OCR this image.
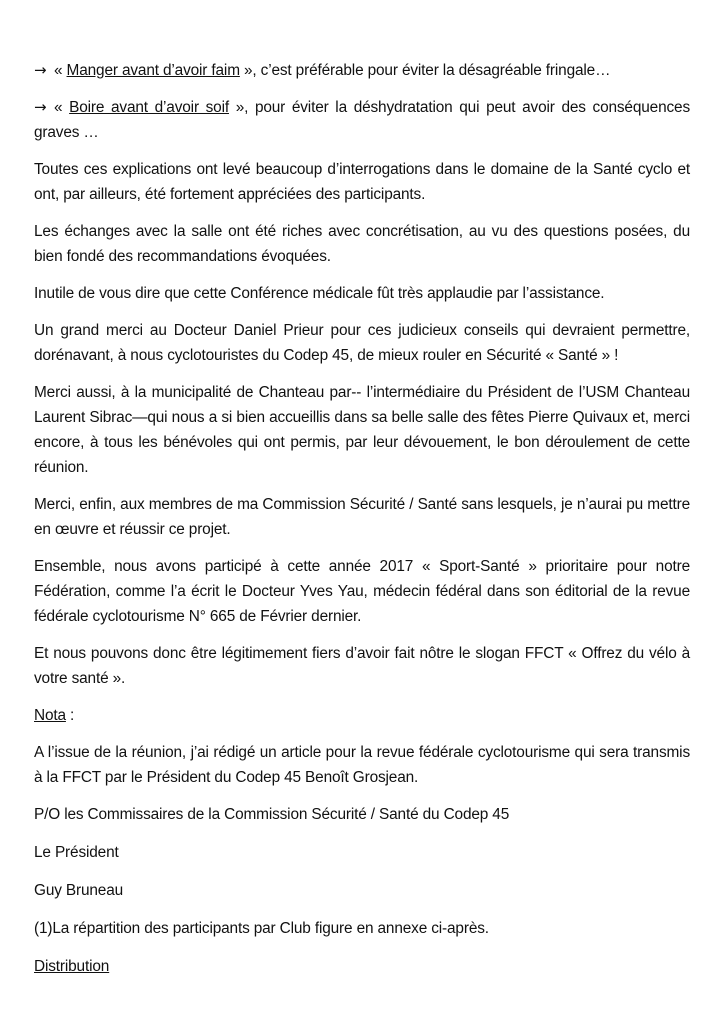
→ « Manger avant d’avoir faim », c’est préférable pour éviter la désagréable fringale…

→ « Boire avant d’avoir soif », pour éviter la déshydratation qui peut avoir des conséquences graves …

Toutes ces explications ont levé beaucoup d’interrogations dans le domaine de la Santé cyclo et ont, par ailleurs, été fortement appréciées des participants.

Les échanges avec la salle ont été riches avec concrétisation, au vu des questions posées, du bien fondé des recommandations évoquées.

Inutile de vous dire que cette Conférence médicale fût très applaudie par l’assistance.

Un grand merci au Docteur Daniel Prieur pour ces judicieux conseils qui devraient permettre, dorénavant, à nous cyclotouristes du Codep 45, de mieux rouler en Sécurité « Santé » !

Merci aussi, à la municipalité de Chanteau par-- l’intermédiaire du Président de l’USM Chanteau Laurent Sibrac—qui nous a si bien accueillis dans sa belle salle des fêtes Pierre Quivaux et, merci encore, à tous les bénévoles qui ont permis, par leur dévouement, le bon déroulement de cette réunion.

Merci, enfin, aux membres de ma Commission Sécurité / Santé sans lesquels, je n’aurai pu mettre en œuvre et réussir ce projet.

Ensemble, nous avons participé à cette année 2017 « Sport-Santé » prioritaire pour notre Fédération, comme l’a écrit le Docteur Yves Yau, médecin fédéral dans son éditorial de la revue fédérale cyclotourisme N° 665 de Février dernier.

Et nous pouvons donc être légitimement fiers d’avoir fait nôtre le slogan FFCT « Offrez du vélo à votre santé ».

Nota :

A l’issue de la réunion, j’ai rédigé un article pour la revue fédérale cyclotourisme qui sera transmis à la FFCT par le Président du Codep 45 Benoît Grosjean.

P/O les Commissaires de la Commission Sécurité / Santé du Codep 45

Le Président

Guy Bruneau

(1)La répartition des participants par Club figure en annexe ci-après.

Distribution
